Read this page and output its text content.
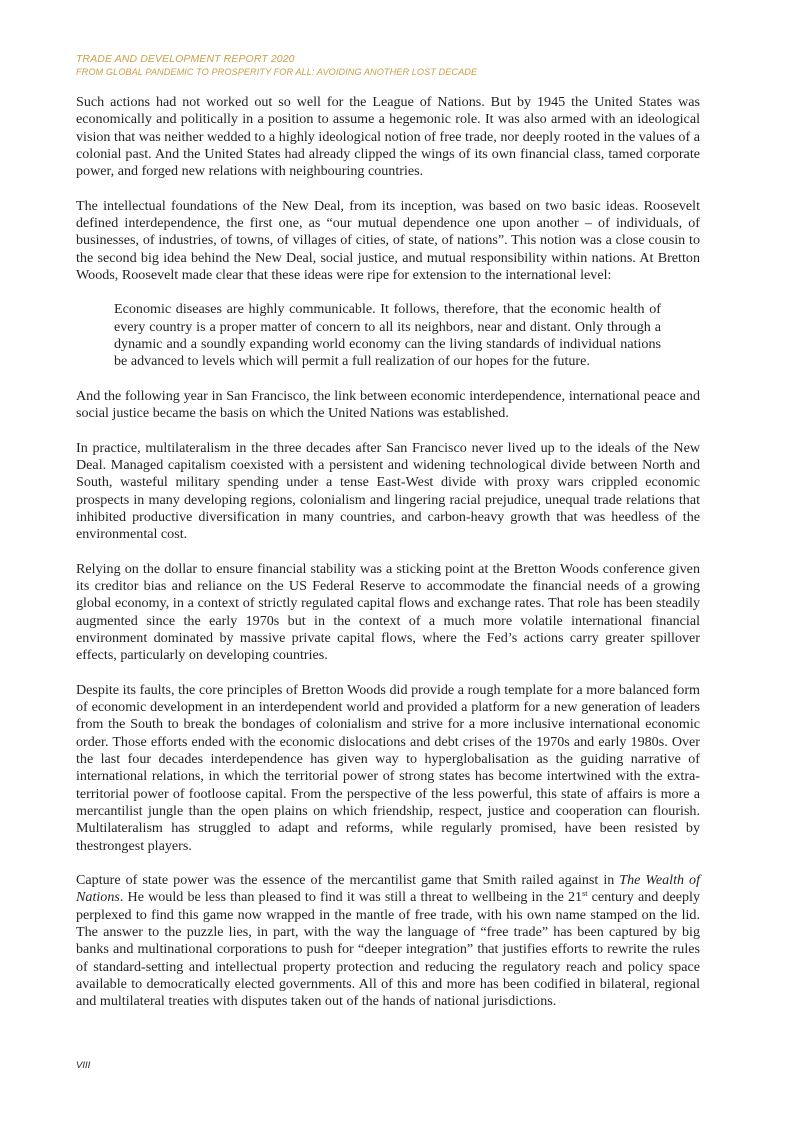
TRADE AND DEVELOPMENT REPORT 2020
FROM GLOBAL PANDEMIC TO PROSPERITY FOR ALL: AVOIDING ANOTHER LOST DECADE

Such actions had not worked out so well for the League of Nations. But by 1945 the United States was economically and politically in a position to assume a hegemonic role. It was also armed with an ideological vision that was neither wedded to a highly ideological notion of free trade, nor deeply rooted in the values of a colonial past. And the United States had already clipped the wings of its own financial class, tamed corporate power, and forged new relations with neighbouring countries.

The intellectual foundations of the New Deal, from its inception, was based on two basic ideas. Roosevelt defined interdependence, the first one, as “our mutual dependence one upon another – of individuals, of businesses, of industries, of towns, of villages of cities, of state, of nations”. This notion was a close cousin to the second big idea behind the New Deal, social justice, and mutual responsibility within nations. At Bretton Woods, Roosevelt made clear that these ideas were ripe for extension to the international level:

Economic diseases are highly communicable. It follows, therefore, that the economic health of every country is a proper matter of concern to all its neighbors, near and distant. Only through a dynamic and a soundly expanding world economy can the living standards of individual nations be advanced to levels which will permit a full realization of our hopes for the future.

And the following year in San Francisco, the link between economic interdependence, international peace and social justice became the basis on which the United Nations was established.

In practice, multilateralism in the three decades after San Francisco never lived up to the ideals of the New Deal. Managed capitalism coexisted with a persistent and widening technological divide between North and South, wasteful military spending under a tense East-West divide with proxy wars crippled economic prospects in many developing regions, colonialism and lingering racial prejudice, unequal trade relations that inhibited productive diversification in many countries, and carbon-heavy growth that was heedless of the environmental cost.

Relying on the dollar to ensure financial stability was a sticking point at the Bretton Woods conference given its creditor bias and reliance on the US Federal Reserve to accommodate the financial needs of a growing global economy, in a context of strictly regulated capital flows and exchange rates. That role has been steadily augmented since the early 1970s but in the context of a much more volatile international financial environment dominated by massive private capital flows, where the Fed’s actions carry greater spillover effects, particularly on developing countries.

Despite its faults, the core principles of Bretton Woods did provide a rough template for a more balanced form of economic development in an interdependent world and provided a platform for a new generation of leaders from the South to break the bondages of colonialism and strive for a more inclusive international economic order. Those efforts ended with the economic dislocations and debt crises of the 1970s and early 1980s. Over the last four decades interdependence has given way to hyperglobalisation as the guiding narrative of international relations, in which the territorial power of strong states has become intertwined with the extra-territorial power of footloose capital. From the perspective of the less powerful, this state of affairs is more a mercantilist jungle than the open plains on which friendship, respect, justice and cooperation can flourish. Multilateralism has struggled to adapt and reforms, while regularly promised, have been resisted by thestrongest players.

Capture of state power was the essence of the mercantilist game that Smith railed against in The Wealth of Nations. He would be less than pleased to find it was still a threat to wellbeing in the 21st century and deeply perplexed to find this game now wrapped in the mantle of free trade, with his own name stamped on the lid. The answer to the puzzle lies, in part, with the way the language of “free trade” has been captured by big banks and multinational corporations to push for “deeper integration” that justifies efforts to rewrite the rules of standard-setting and intellectual property protection and reducing the regulatory reach and policy space available to democratically elected governments. All of this and more has been codified in bilateral, regional and multilateral treaties with disputes taken out of the hands of national jurisdictions.

VIII
